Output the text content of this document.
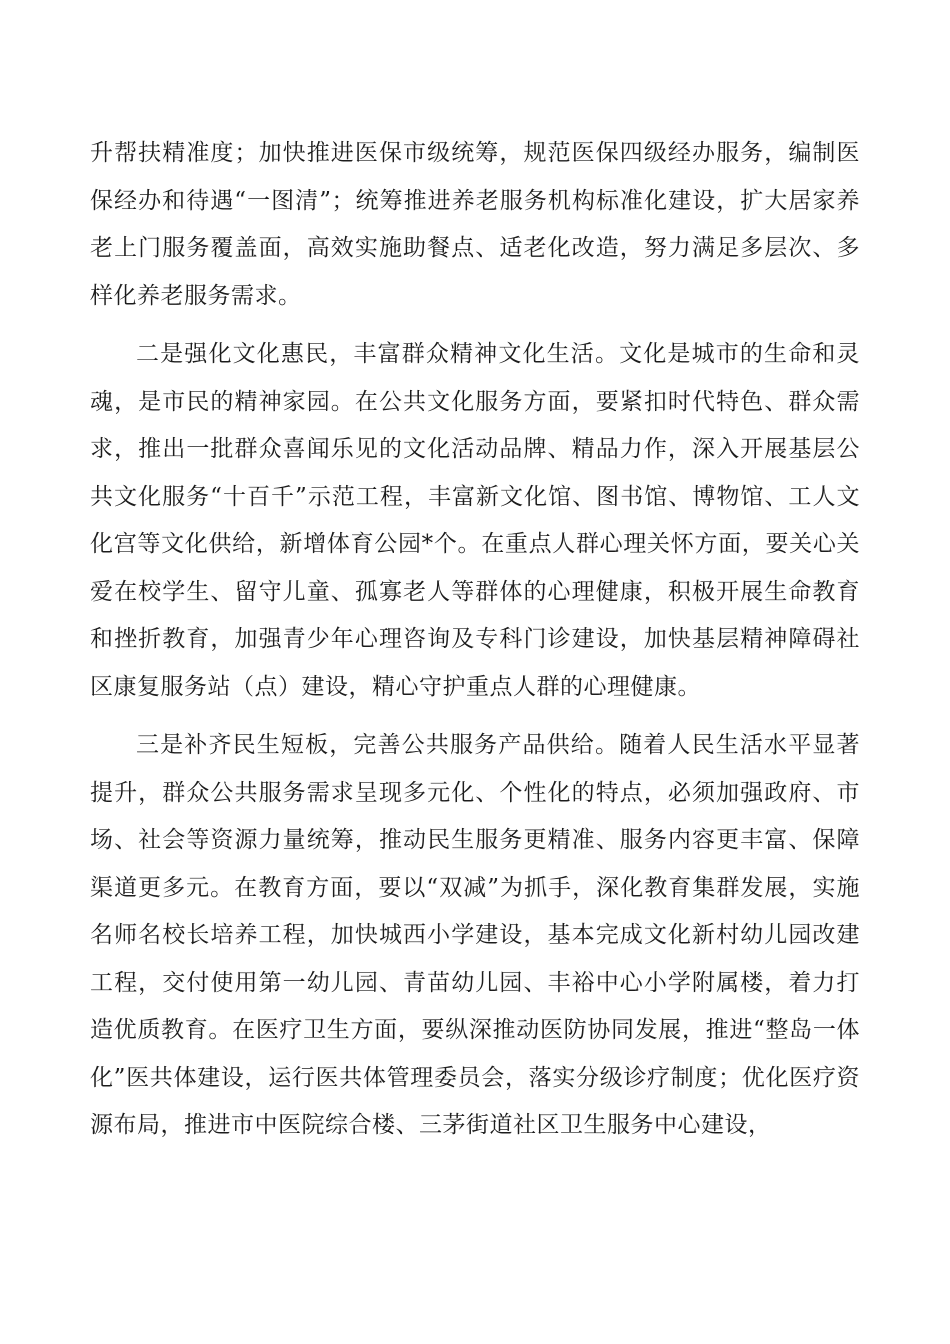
升帮扶精准度；加快推进医保市级统筹，规范医保四级经办服务，编制医保经办和待遇“一图清”；统筹推进养老服务机构标准化建设，扩大居家养老上门服务覆盖面，高效实施助餐点、适老化改造，努力满足多层次、多样化养老服务需求。

二是强化文化惠民，丰富群众精神文化生活。文化是城市的生命和灵魂，是市民的精神家园。在公共文化服务方面，要紧扣时代特色、群众需求，推出一批群众喜闻乐见的文化活动品牌、精品力作，深入开展基层公共文化服务“十百千”示范工程，丰富新文化馆、图书馆、博物馆、工人文化宫等文化供给，新增体育公园*个。在重点人群心理关怀方面，要关心关爱在校学生、留守儿童、孤寡老人等群体的心理健康，积极开展生命教育和挫折教育，加强青少年心理咨询及专科门诊建设，加快基层精神障碍社区康复服务站（点）建设，精心守护重点人群的心理健康。

三是补齐民生短板，完善公共服务产品供给。随着人民生活水平显著提升，群众公共服务需求呈现多元化、个性化的特点，必须加强政府、市场、社会等资源力量统筹，推动民生服务更精准、服务内容更丰富、保障渠道更多元。在教育方面，要以“双减”为抓手，深化教育集群发展，实施名师名校长培养工程，加快城西小学建设，基本完成文化新村幼儿园改建工程，交付使用第一幼儿园、青苗幼儿园、丰裕中心小学附属楼，着力打造优质教育。在医疗卫生方面，要纵深推动医防协同发展，推进“整岛一体化”医共体建设，运行医共体管理委员会，落实分级诊疗制度；优化医疗资源布局，推进市中医院综合楼、三茅街道社区卫生服务中心建设，
